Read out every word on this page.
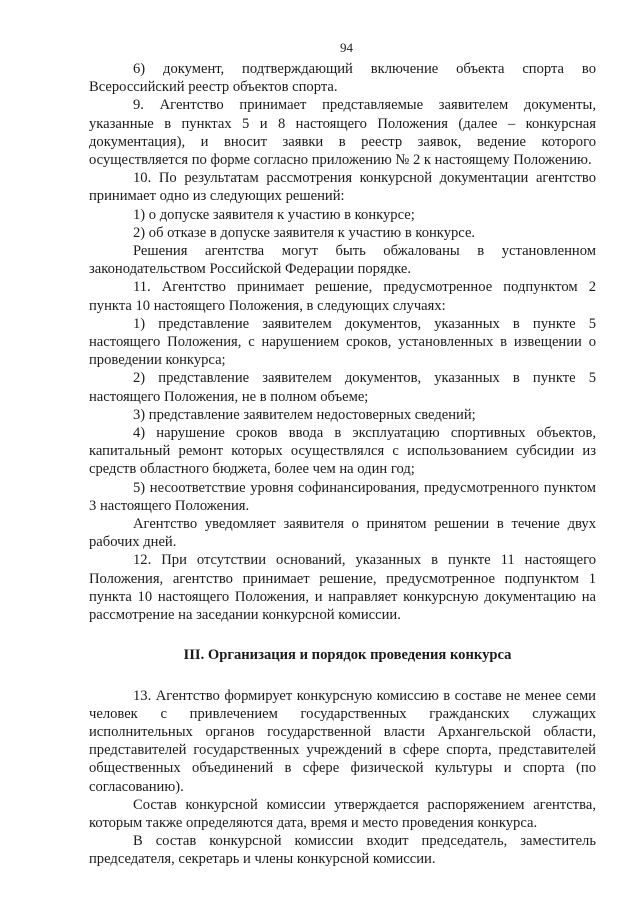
94

6) документ, подтверждающий включение объекта спорта во Всероссийский реестр объектов спорта.

9. Агентство принимает представляемые заявителем документы, указанные в пунктах 5 и 8 настоящего Положения (далее – конкурсная документация), и вносит заявки в реестр заявок, ведение которого осуществляется по форме согласно приложению № 2 к настоящему Положению.

10. По результатам рассмотрения конкурсной документации агентство принимает одно из следующих решений:

1) о допуске заявителя к участию в конкурсе;

2) об отказе в допуске заявителя к участию в конкурсе.

Решения агентства могут быть обжалованы в установленном законодательством Российской Федерации порядке.

11. Агентство принимает решение, предусмотренное подпунктом 2 пункта 10 настоящего Положения, в следующих случаях:

1) представление заявителем документов, указанных в пункте 5 настоящего Положения, с нарушением сроков, установленных в извещении о проведении конкурса;

2) представление заявителем документов, указанных в пункте 5 настоящего Положения, не в полном объеме;

3) представление заявителем недостоверных сведений;

4) нарушение сроков ввода в эксплуатацию спортивных объектов, капитальный ремонт которых осуществлялся с использованием субсидии из средств областного бюджета, более чем на один год;

5) несоответствие уровня софинансирования, предусмотренного пунктом 3 настоящего Положения.

Агентство уведомляет заявителя о принятом решении в течение двух рабочих дней.

12. При отсутствии оснований, указанных в пункте 11 настоящего Положения, агентство принимает решение, предусмотренное подпунктом 1 пункта 10 настоящего Положения, и направляет конкурсную документацию на рассмотрение на заседании конкурсной комиссии.

III. Организация и порядок проведения конкурса

13. Агентство формирует конкурсную комиссию в составе не менее семи человек с привлечением государственных гражданских служащих исполнительных органов государственной власти Архангельской области, представителей государственных учреждений в сфере спорта, представителей общественных объединений в сфере физической культуры и спорта (по согласованию).

Состав конкурсной комиссии утверждается распоряжением агентства, которым также определяются дата, время и место проведения конкурса.

В состав конкурсной комиссии входит председатель, заместитель председателя, секретарь и члены конкурсной комиссии.
